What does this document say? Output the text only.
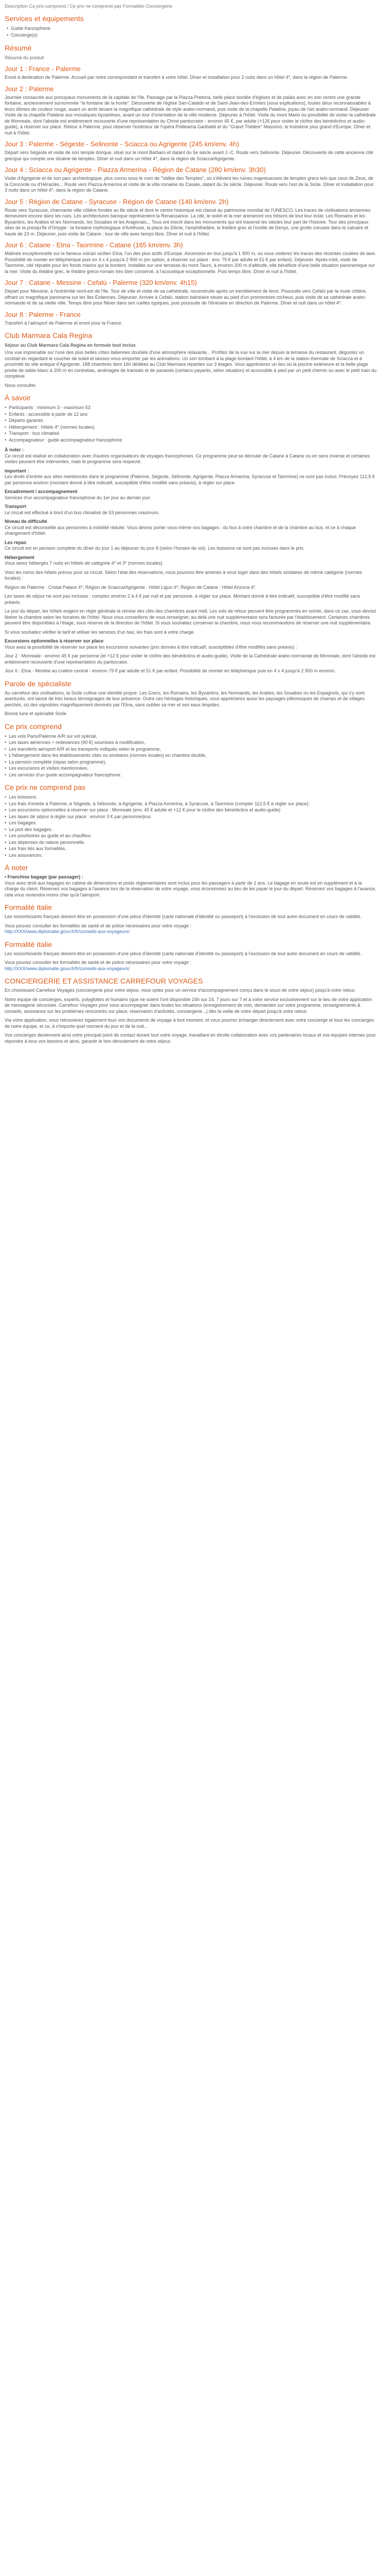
Description Ca prix comprend / Ce prix ne comprend pas Formalités Conciergerie

Services et équipements
• Guide francophone
• Concierge(s)
Résumé
Résumé du produit
Jour 1 : France - Palerme

Envol à destination de Palerme. Accueil par notre correspondant et transfert à votre hôtel. Dîner et installation pour 2 nuits dans un hôtel 4*, dans la région de Palerme.

Jour 2 : Palerme

Journée consacrée aux principaux monuments de la capitale de l'île. Passage par la Piazza Pretoria, belle place bordée d'églises et de palais avec en son centre une grande fontaine, anciennement surnommée "la fontaine de la honte". Découverte de l'église San-Cataldo et de Saint-Jean-des-Ermites (sous explications), toutes deux reconnaissables à leurs dômes de couleur rouge, avant un arrêt devant la magnifique cathédrale de style arabo-normand, puis visite de la chapelle Palatine, joyau de l'art arabo-normand. Déjeuner. Visite de la chapelle Palatine aux mosaïques byzantines, avant un tour d'orientation de la ville moderne. Déjeuner à l'hôtel. Visite du mont Mario ou possibilité de visiter la cathédrale de Monreale, dont l'abside est entièrement recouverte d'une représentation du Christ pantocrator - environ 45 €, par adulte (+12€ pour visiter le cloître des bénédictins et audio-guide), à réserver sur place. Retour à Palerme, pour observer l'extérieur de l'opéra Politeama Garibaldi et du "Grand Théâtre" Massimo, le troisième plus grand d'Europe. Dîner et nuit à l'hôtel.

Jour 3 : Palerme - Ségeste - Selinonte - Sciacca ou Agrigente (245 km/env. 4h)

Départ vers Ségeste et visite de son temple dorique, situé sur le mont Barbaro et datant du 5e siècle avant J.-C. Route vers Selinonte. Déjeuner. Découverte de cette ancienne cité grecque qui compte une dizaine de temples. Dîner et nuit dans un hôtel 4*, dans la région de Sciacca/Agrigente.

Jour 4 : Sciacca ou Agrigente - Piazza Armerina - Région de Catane (280 km/env. 3h30)

Visite d'Agrigente et de son parc archéologique, plus connu sous le nom de "Vallée des Temples", où s'élèvent les ruines majestueuses de temples grecs tels que ceux de Zeus, de la Concorde ou d'Héraclès... Route vers Piazza Armerina et visite de la villa romaine du Casale, datant du 3e siècle. Déjeuner. Route vers l'est de la Sicile. Dîner et installation pour 3 nuits dans un hôtel 4*, dans la région de Catane.

Jour 5 : Région de Catane - Syracuse - Région de Catane (140 km/env. 2h)

Route vers Syracuse, charmante ville côtière fondée au 8e siècle et dont le centre historique est classé au patrimoine mondial de l'UNESCO. Les traces de civilisations anciennes demeurent encore dans les rues. Les architectures baroque représentent la Renaissance. La cité, le soleil et la mer animeront vos trésors de tout leur éclat. Les Romains et les Byzantins, les Arabes et les Normands, les Souabes et les Aragonais... Tous ont inscrit dans les monuments qui ont traversé les siècles leur part de l'histoire. Tour des principaux sites de la presqu'île d'Ortygie : la fontaine mythologique d'Aréthuse, la place du Dôme, l'amphithéâtre, le théâtre grec et l'oreille de Denys, une grotte creusée dans le calcaire et haute de 23 m. Déjeuner, puis visite de Catane : tour de ville avec temps libre. Dîner et nuit à l'hôtel.

Jour 6 : Catane - Etna - Taormine - Catane (165 km/env. 3h)

Matinée exceptionnelle sur le fameux volcan sicilien Etna, l'un des plus actifs d'Europe. Ascension en bus jusqu'à 1 900 m, où vous visiterez les traces des récentes coulées de lave. Possibilité de monter en téléphérique puis en 4 x 4 jusqu'à 2 900 m (en option, à réserver sur place : env. 79 € par adulte et 51 € par enfant). Déjeuner. Après-midi, visite de Taormine, cité réputée pour les fonds marins qui la bordent. Installée sur une terrasse du mont Tauro, à environ 200 m d'altitude, elle bénéficie d'une belle situation panoramique sur la mer. Visite du théâtre grec, le théâtre grèco-romain très bien conservé, à l'acoustique exceptionnelle. Puis temps libre. Dîner et nuit à l'hôtel.

Jour 7 : Catane - Messine - Cefalù - Palerme (320 km/env. 4h15)

Départ pour Messine, à l'extrémité nord-est de l'île. Tour de ville et visite de sa cathédrale, reconstruite après un tremblement de terre. Poursuite vers Cefalù par la route côtière, offrant un magnifique panorama sur les îles Éoliennes. Déjeuner. Arrivée à Cefalù, station balnéaire située au pied d'un promontoire rocheux, puis visite de sa cathédrale arabo-normande et de sa vieille ville. Temps libre pour flâner dans ses ruelles typiques, puis poursuite de l'itinéraire en direction de Palerme. Dîner et nuit dans un hôtel 4*.

Jour 8 : Palerme - France

Transfert à l'aéroport de Palerme et envol pour la France.

Club Marmara Cala Regina
Séjour au Club Marmara Cala Regina en formule tout inclus

Une vue imprenable sur l'une des plus belles côtes italiennes doublée d'une atmosphère relaxante... Profitez de la vue sur la mer depuis la terrasse du restaurant, dégustez un cocktail en regardant le coucher de soleil et laissez-vous emporter par les animations. Un son tombant à la plage bordant l'hôtel, à 4 km de la station thermale de Sciacca et à proximité du site antique d'Agrigente. 188 chambres dont 160 dédiées au Club Marmara réparties sur 3 étages. Vous apprécierez un lieu où la piscine extérieure et la belle plage privée de sable blanc à 200 m en contrebas, aménagée de transats et de parasols (certains payants, selon situation) et accessible à pied par un petit chemin ou avec le petit train du complexe.

Nous consulter.

À savoir
• Participants : minimum 3 - maximum 53
• Enfants : accessible à partir de 12 ans
• Départs garantis
• Hébergement : hôtels 4* (normes locales)
• Transport : bus climatisé
• Accompagnateur : guide accompagnateur francophone
À noter :
Ce circuit est réalisé en collaboration avec d'autres organisateurs de voyages francophones. Ce programme peut se dérouler de Catane à Catane ou en sens inverse et certaines visites peuvent être interverties, mais le programme sera respecté.
Important :
Les droits d'entrée aux sites mentionnés dans le programme (Palerme, Ségeste, Sélinonte, Agrigente, Piazza Armerina, Syracuse et Taormine) ne sont pas inclus. Prévoyez 112,5 € par personne environ (montant donné à titre indicatif, susceptible d'être modifié sans préavis), à régler sur place.
Encadrement / accompagnement
Services d'un accompagnateur francophone du 1er jour au dernier jour.
Transport
Le circuit est effectué à bord d'un bus climatisé de 53 personnes maximum.
Niveau de difficulté
Ce circuit est déconseillé aux personnes à mobilité réduite. Vous devrez porter vous-même vos bagages : du bus à votre chambre et de la chambre au bus, et ce à chaque changement d'hôtel.
Les repas
Ce circuit est en pension complète du dîner du jour 1 au déjeuner du jour 8 (selon l'horaire de vol). Les boissons ne sont pas incluses dans le prix.
Hébergement
Vous serez hébergés 7 nuits en hôtels de catégorie 4* et 3* (normes locales).
Voici les noms des hôtels prévus pour ce circuit. Selon l'état des réservations, nous pouvons être amenés à vous loger dans des hôtels similaires de même catégorie (normes locales) :
Région de Palerme : Cristal Palace 4*; Région de Sciacca/Agrigente : Hôtel Liguri 4*; Région de Catane : Hôtel Arizona 4*.
Les taxes de séjour ne sont pas incluses : comptez environ 2 à 4 € par nuit et par personne, à régler sur place. Montant donné à titre indicatif, susceptible d'être modifié sans préavis.
Le jour du départ, les hôtels exigent en règle générale la remise des clés des chambres avant midi. Les vols de retour peuvent être programmés en soirée, dans ce cas, vous devrez libérer la chambre selon les horaires de l'hôtel. Nous vous conseillons de vous renseigner, au-delà une nuit supplémentaire sera facturée par l'établissement. Certaines chambres peuvent être disponibles à l'étage, sous réserve de la direction de l'hôtel. Si vous souhaitez conserver la chambre, nous vous recommandons de réserver une nuit supplémentaire.
Si vous souhaitez vérifier le tarif et utiliser les services d'un taxi, les frais sont à votre charge.
Excursions optionnelles à réserver sur place
Vous avez la possibilité de réserver sur place les excursions suivantes (prix donnés à titre indicatif, susceptibles d'être modifiés sans préavis) :
Jour 2 : Monreale - environ 45 € par personne (et +12 € pour visiter le cloître des bénédictins et audio-guide). Visite de la Cathédrale arabo-normande de Monreale, dont l'abside est entièrement recouverte d'une représentation du pantocrator.
Jour 6 : Etna - Montée au cratère central - environ 79 € par adulte et 51 € par enfant. Possibilité de monter en téléphérique puis en 4 x 4 jusqu'à 2 900 m environ.
Parole de spécialiste

Au carrefour des civilisations, la Sicile cultive une identité propre. Les Grecs, les Romains, les Byzantins, les Normands, les Arabes, les Souabes ou les Espagnols, qui s'y sont aventurés, ont laissé de très beaux témoignages de leur présence. Outre ces héritages historiques, vous apprécierez aussi les paysages pittoresques de champs et de villages perchés, où des vignobles magnifiquement dominés par l'Etna, sans oublier sa mer et ses eaux limpides.

Bonne lune et spécialité Sicile

Ce prix comprend
• Les vols Paris/Palerme A/R sur vol spécial,
• Les taxes aériennes + redevances (90 €) soumises à modification,
• Les transferts aéroport A/R et les transports indiqués selon le programme,
• L'hébergement dans les établissements cités ou similaires (normes locales) en chambre double,
• La pension complète (repas selon programme),
• Les excursions et visites mentionnées,
• Les services d'un guide accompagnateur francophone.
Ce prix ne comprend pas
• Les boissons.
• Les frais d'entrée à Palerme, à Ségeste, à Sélinonte, à Agrigente, à Piazza Armerina, à Syracuse, à Taormine (compter 112,5 € à régler sur place).
• Les excursions optionnelles à réserver sur place : Monreale (env. 45 € adulte et +12 € pour le cloître des bénédictins et audio-guide)
• Les taxes de séjour à régler sur place : environ 3 € par personne/jour.
• Les bagages.
• Le port des bagages.
• Les pourboires au guide et au chauffeur.
• Les dépenses de nature personnelle.
• Les frais liés aux formalités.
• Les assurances.
À noter
• Franchise bagage (par passager) :
Vous avez droit aux bagages en cabine de dimensions et poids réglementaires sont inclus pour les passagers à partir de 2 ans. Le bagage en soute est en supplément et à la charge du client. Réservez vos bagages à l'avance lors de la réservation de votre voyage, vous économisez au lieu de les payer le jour du départ. Réservez vos bagages à l'avance, cela vous reviendra moins cher qu'à l'aéroport.
Formalité Italie

Les ressortissants français doivent être en possession d'une pièce d'identité (carte nationale d'identité ou passeport) à l'exclusion de tout autre document en cours de validité.

Vous pouvez consulter les formalités de santé et de police nécessaires pour votre voyage :
http://XXX/www.diplomatie.gouv.fr/fr/conseils-aux-voyageurs/

Formalité Italie

Les ressortissants français doivent être en possession d'une pièce d'identité (carte nationale d'identité ou passeport) à l'exclusion de tout autre document en cours de validité.

Vous pouvez consulter les formalités de santé et de police nécessaires pour votre voyage :
http://XXX/www.diplomatie.gouv.fr/fr/conseils-aux-voyageurs/

CONCIERGERIE ET ASSISTANCE CARREFOUR VOYAGES

En choisissant Carrefour Voyages (conciergerie pour votre séjour, vous optez pour un service d'accompagnement conçu dans le souci de votre séjour) jusqu'à votre retour.

Notre équipe de concierges, experts, polyglottes et humains (que ne soient l'ont disponible 24h sur 24, 7 jours sur 7 et à votre service exclusivement sur le lieu de votre application de messagerie sécurisée. Carrefour Voyages pour vous accompagner dans toutes les situations (enregistrement de vols, demandes sur votre programme, renseignements & conseils, assistance sur les problèmes rencontrés sur place, réservation d'activités, conciergerie...) dès la veille de votre départ jusqu'à votre retour.

Via votre application, vous retrouverez également tous vos documents de voyage à tout moment, et vous pourrez échanger directement avec votre concierge et tous les concierges de notre équipe, et ce, à n'importe quel moment du jour et de la nuit...

Vos concierges deviennent ainsi votre principal point de contact durant tout votre voyage, travaillant en étroite collaboration avec vos partenaires locaux et vos équipes internes pour répondre à tous vos besoins et ainsi, garantir le bon déroulement de votre séjour.
